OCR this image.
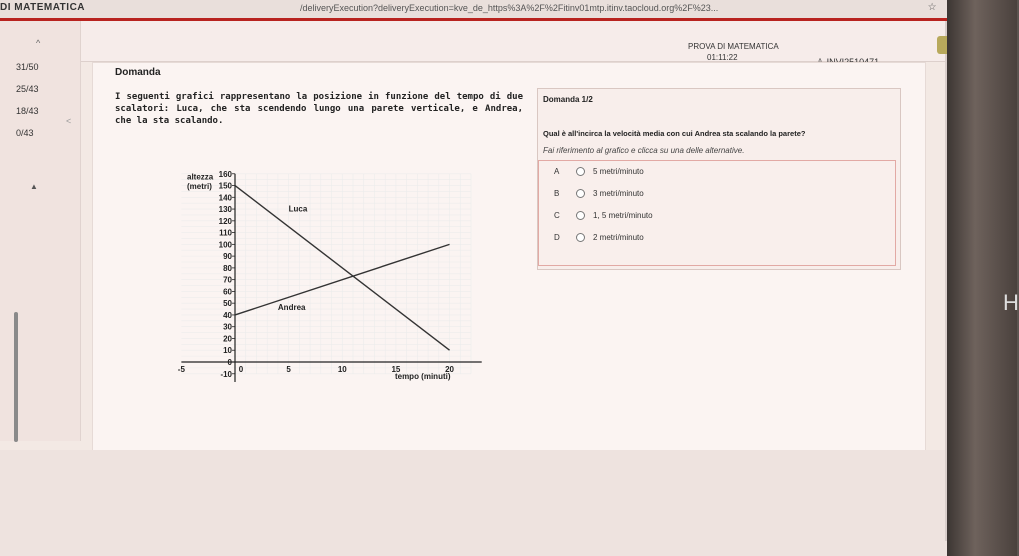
DI MATEMATICA	/deliveryExecution?deliveryExecution=kve_de_https%3A%2F%2Fitinv01mtp.itinv.taocloud.org%2F%23...	☆
^
31/50
25/43
18/43
0/43
<
▲
PROVA DI MATEMATICA
01:11:22
Domanda
I seguenti grafici rappresentano la posizione in funzione del tempo di due scalatori: Luca, che sta scendendo lungo una parete verticale, e Andrea, che la sta scalando.
-10
0
10
20
30
40
50
60
70
80
90
100
110
120
130
140
150
160
-5	0	5	10	15	20
altezza
(metri)
tempo (minuti)
Luca
Andrea
Domanda 1/2
Qual è all'incirca la velocità media con cui Andrea sta scalando la parete?
Fai riferimento al grafico e clicca su una delle alternative.
A	5 metri/minuto
B	3 metri/minuto
C	1, 5 metri/minuto
D	2 metri/minuto
H
